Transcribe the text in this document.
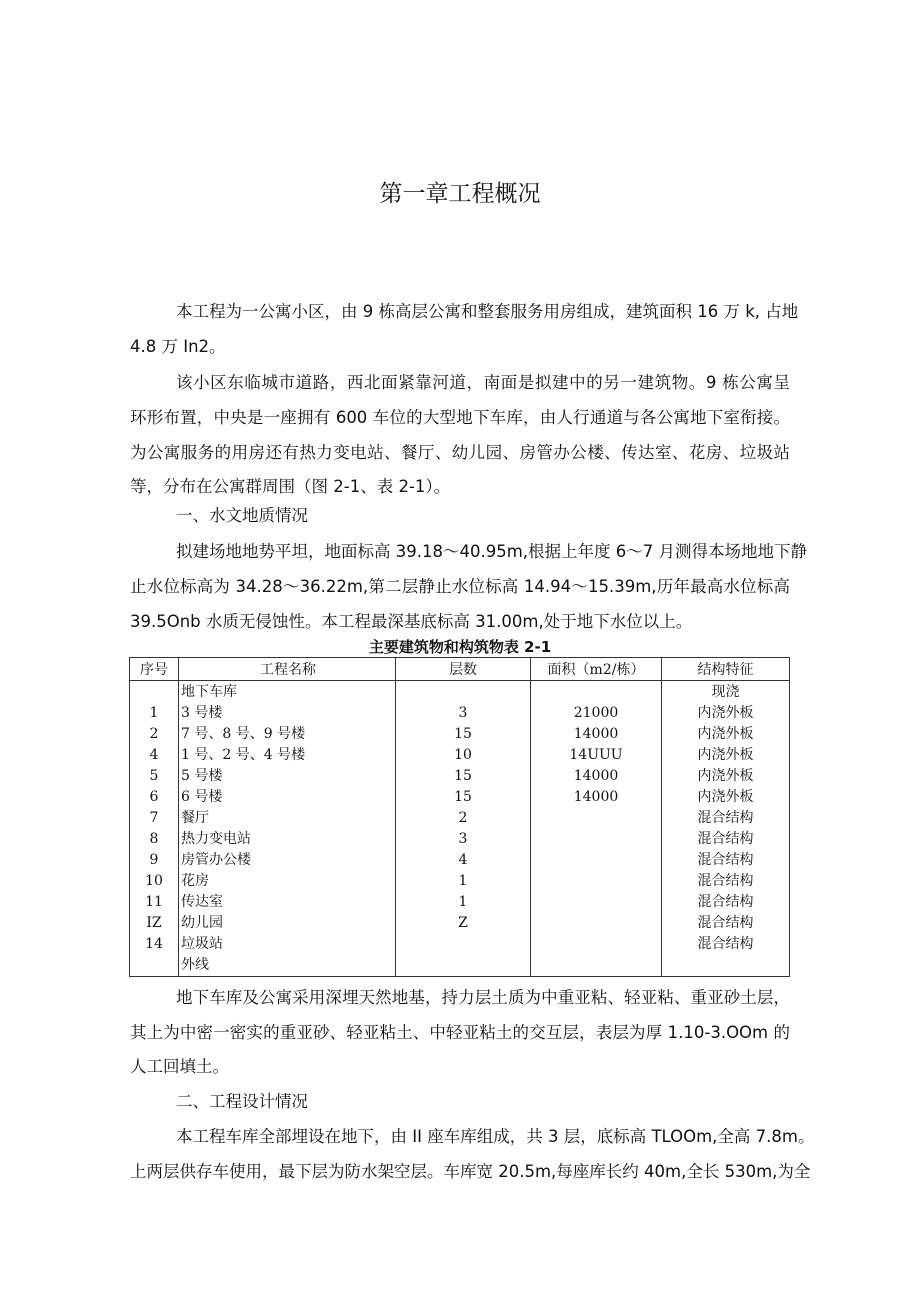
第一章工程概况
本工程为一公寓小区，由 9 栋高层公寓和整套服务用房组成，建筑面积 16 万 k, 占地
4.8 万 In2。
该小区东临城市道路，西北面紧靠河道，南面是拟建中的另一建筑物。9 栋公寓呈
环形布置，中央是一座拥有 600 车位的大型地下车库，由人行通道与各公寓地下室衔接。
为公寓服务的用房还有热力变电站、餐厅、幼儿园、房管办公楼、传达室、花房、垃圾站
等，分布在公寓群周围（图 2-1、表 2-1）。
一、水文地质情况
拟建场地地势平坦，地面标高 39.18～40.95m,根据上年度 6～7 月测得本场地地下静
止水位标高为 34.28～36.22m,第二层静止水位标高 14.94～15.39m,历年最高水位标高
39.5Onb 水质无侵蚀性。本工程最深基底标高 31.00m,处于地下水位以上。
主要建筑物和构筑物表 2-1
序号	工程名称	层数	面积（m2/栋）	结构特征
	地下车库			现浇
1	3 号楼	3	21000	内浇外板
2	7 号、8 号、9 号楼	15	14000	内浇外板
4	1 号、2 号、4 号楼	10	14UUU	内浇外板
5	5 号楼	15	14000	内浇外板
6	6 号楼	15	14000	内浇外板
7	餐厅	2		混合结构
8	热力变电站	3		混合结构
9	房管办公楼	4		混合结构
10	花房	1		混合结构
11	传达室	1		混合结构
IZ	幼儿园	Z		混合结构
14	垃圾站			混合结构
	外线			
地下车库及公寓采用深埋天然地基，持力层土质为中重亚粘、轻亚粘、重亚砂土层，
其上为中密一密实的重亚砂、轻亚粘土、中轻亚粘土的交互层，表层为厚 1.10-3.OOm 的
人工回填土。
二、工程设计情况
本工程车库全部埋设在地下，由 II 座车库组成，共 3 层，底标高 TLOOm,全高 7.8m。
上两层供存车使用，最下层为防水架空层。车库宽 20.5m,每座库长约 40m,全长 530m,为全
